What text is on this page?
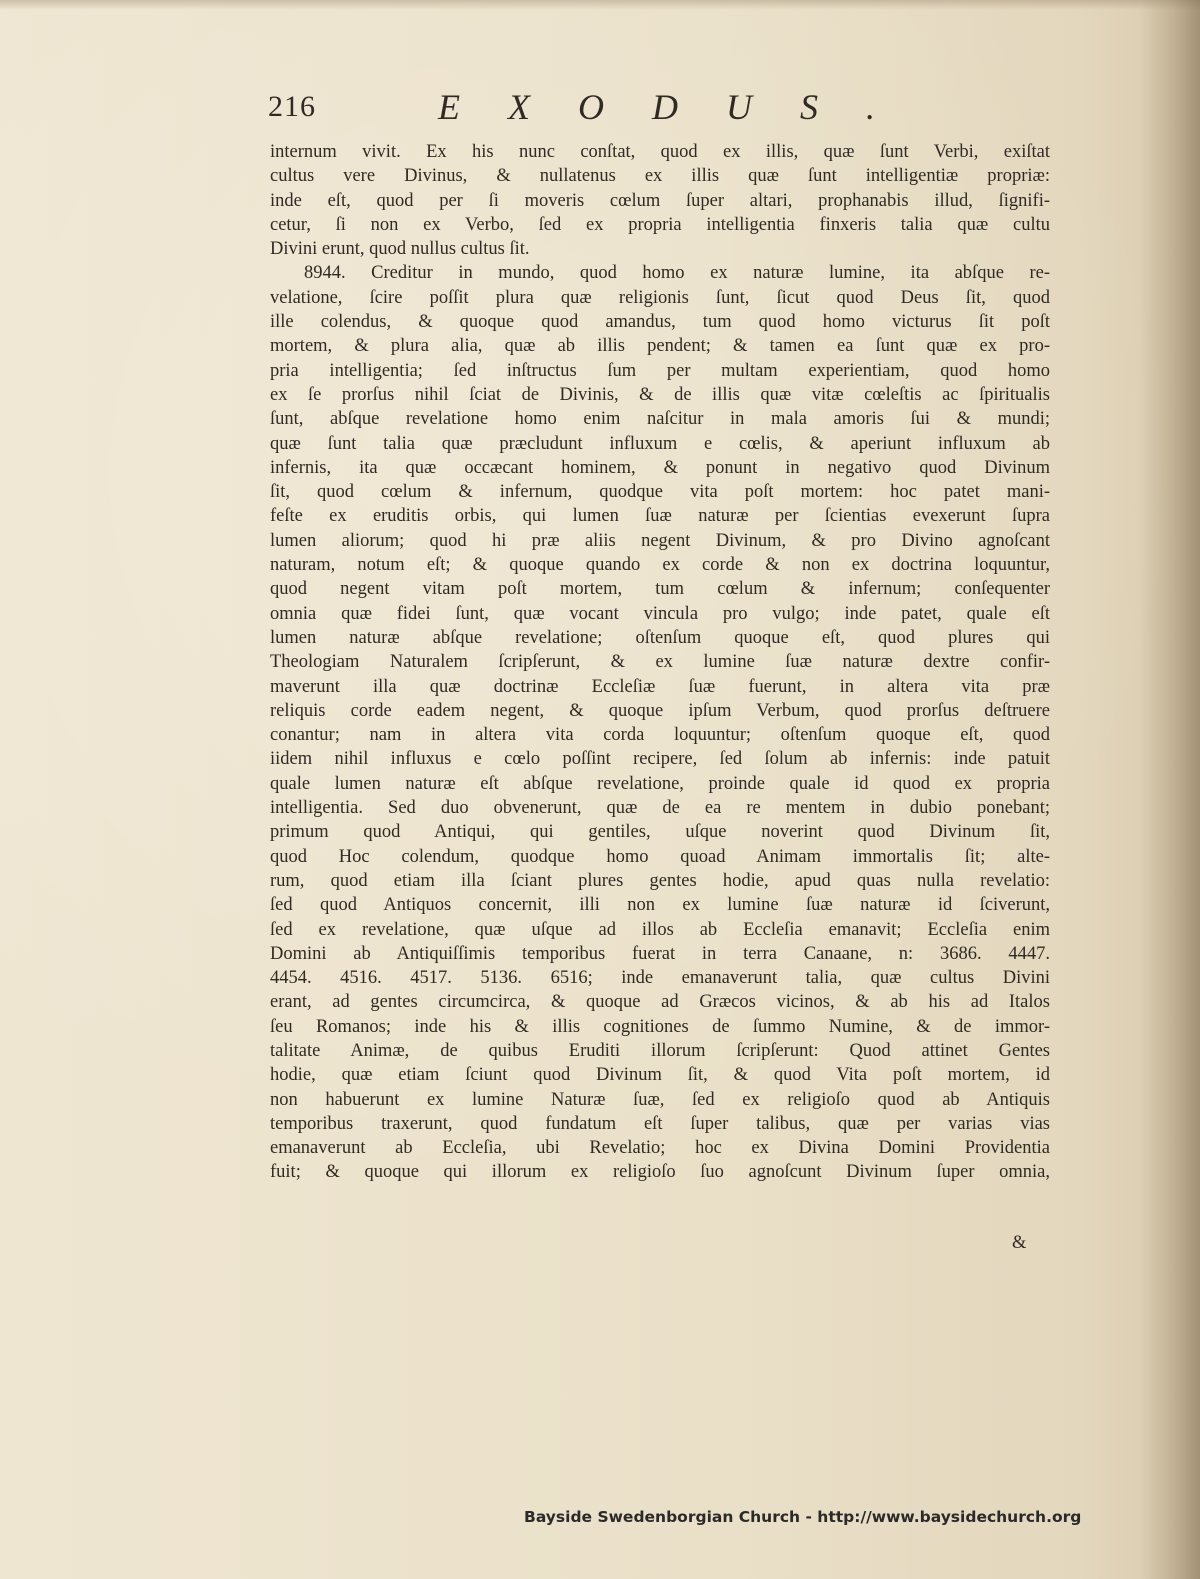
216	EXODUS.
internum vivit. Ex his nunc conſtat, quod ex illis, quæ ſunt Verbi, exiſtat
cultus vere Divinus, & nullatenus ex illis quæ ſunt intelligentiæ propriæ:
inde eſt, quod per ſi moveris cœlum ſuper altari, prophanabis illud, ſignifi-
cetur, ſi non ex Verbo, ſed ex propria intelligentia finxeris talia quæ cultu
Divini erunt, quod nullus cultus ſit.
8944. Creditur in mundo, quod homo ex naturæ lumine, ita abſque re-
velatione, ſcire poſſit plura quæ religionis ſunt, ſicut quod Deus ſit, quod
ille colendus, & quoque quod amandus, tum quod homo victurus ſit poſt
mortem, & plura alia, quæ ab illis pendent; & tamen ea ſunt quæ ex pro-
pria intelligentia; ſed inſtructus ſum per multam experientiam, quod homo
ex ſe prorſus nihil ſciat de Divinis, & de illis quæ vitæ cœleſtis ac ſpiritualis
ſunt, abſque revelatione homo enim naſcitur in mala amoris ſui & mundi;
quæ ſunt talia quæ præcludunt influxum e cœlis, & aperiunt influxum ab
infernis, ita quæ occæcant hominem, & ponunt in negativo quod Divinum
ſit, quod cœlum & infernum, quodque vita poſt mortem: hoc patet mani-
feſte ex eruditis orbis, qui lumen ſuæ naturæ per ſcientias evexerunt ſupra
lumen aliorum; quod hi præ aliis negent Divinum, & pro Divino agnoſcant
naturam, notum eſt; & quoque quando ex corde & non ex doctrina loquuntur,
quod negent vitam poſt mortem, tum cœlum & infernum; conſequenter
omnia quæ fidei ſunt, quæ vocant vincula pro vulgo; inde patet, quale eſt
lumen naturæ abſque revelatione; oſtenſum quoque eſt, quod plures qui
Theologiam Naturalem ſcripſerunt, & ex lumine ſuæ naturæ dextre confir-
maverunt illa quæ doctrinæ Eccleſiæ ſuæ fuerunt, in altera vita præ
reliquis corde eadem negent, & quoque ipſum Verbum, quod prorſus deſtruere
conantur; nam in altera vita corda loquuntur; oſtenſum quoque eſt, quod
iidem nihil influxus e cœlo poſſint recipere, ſed ſolum ab infernis: inde patuit
quale lumen naturæ eſt abſque revelatione, proinde quale id quod ex propria
intelligentia. Sed duo obvenerunt, quæ de ea re mentem in dubio ponebant;
primum quod Antiqui, qui gentiles, uſque noverint quod Divinum ſit,
quod Hoc colendum, quodque homo quoad Animam immortalis ſit; alte-
rum, quod etiam illa ſciant plures gentes hodie, apud quas nulla revelatio:
ſed quod Antiquos concernit, illi non ex lumine ſuæ naturæ id ſciverunt,
ſed ex revelatione, quæ uſque ad illos ab Eccleſia emanavit; Eccleſia enim
Domini ab Antiquiſſimis temporibus fuerat in terra Canaane, n: 3686. 4447.
4454. 4516. 4517. 5136. 6516; inde emanaverunt talia, quæ cultus Divini
erant, ad gentes circumcirca, & quoque ad Græcos vicinos, & ab his ad Italos
ſeu Romanos; inde his & illis cognitiones de ſummo Numine, & de immor-
talitate Animæ, de quibus Eruditi illorum ſcripſerunt: Quod attinet Gentes
hodie, quæ etiam ſciunt quod Divinum ſit, & quod Vita poſt mortem, id
non habuerunt ex lumine Naturæ ſuæ, ſed ex religioſo quod ab Antiquis
temporibus traxerunt, quod fundatum eſt ſuper talibus, quæ per varias vias
emanaverunt ab Eccleſia, ubi Revelatio; hoc ex Divina Domini Providentia
fuit; & quoque qui illorum ex religioſo ſuo agnoſcunt Divinum ſuper omnia,
&
Bayside Swedenborgian Church - http://www.baysidechurch.org
